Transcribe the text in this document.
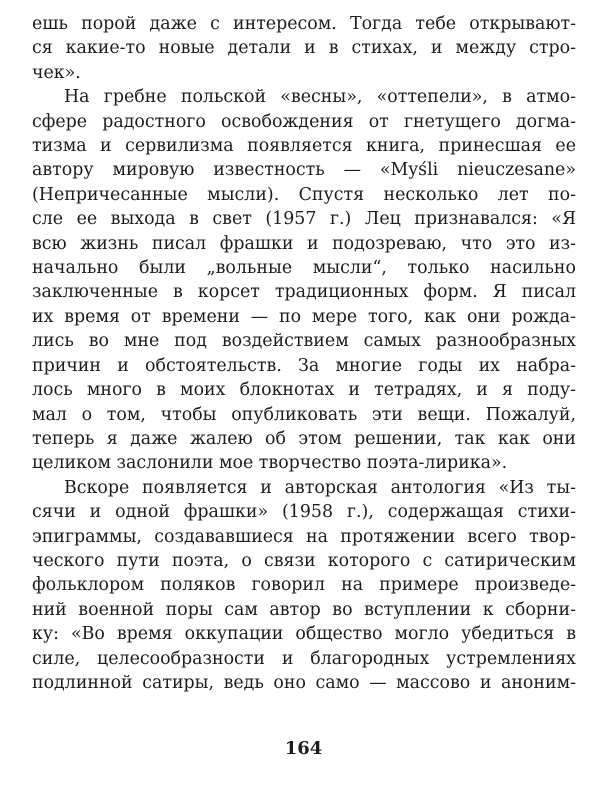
ешь порой даже с интересом. Тогда тебе открывают-
ся какие-то новые детали и в стихах, и между стро-
чек».
На гребне польской «весны», «оттепели», в атмо-
сфере радостного освобождения от гнетущего догма-
тизма и сервилизма появляется книга, принесшая ее
автору мировую известность — «Myśli nieuczesane»
(Непричесанные мысли). Спустя несколько лет по-
сле ее выхода в свет (1957 г.) Лец признавался: «Я
всю жизнь писал фрашки и подозреваю, что это из-
начально были „вольные мысли“, только насильно
заключенные в корсет традиционных форм. Я писал
их время от времени — по мере того, как они рожда-
лись во мне под воздействием самых разнообразных
причин и обстоятельств. За многие годы их набра-
лось много в моих блокнотах и тетрадях, и я поду-
мал о том, чтобы опубликовать эти вещи. Пожалуй,
теперь я даже жалею об этом решении, так как они
целиком заслонили мое творчество поэта-лирика».
Вскоре появляется и авторская антология «Из ты-
сячи и одной фрашки» (1958 г.), содержащая стихи-
эпиграммы, создававшиеся на протяжении всего твор-
ческого пути поэта, о связи которого с сатирическим
фольклором поляков говорил на примере произведе-
ний военной поры сам автор во вступлении к сборни-
ку: «Во время оккупации общество могло убедиться в
силе, целесообразности и благородных устремлениях
подлинной сатиры, ведь оно само — массово и аноним-
164
